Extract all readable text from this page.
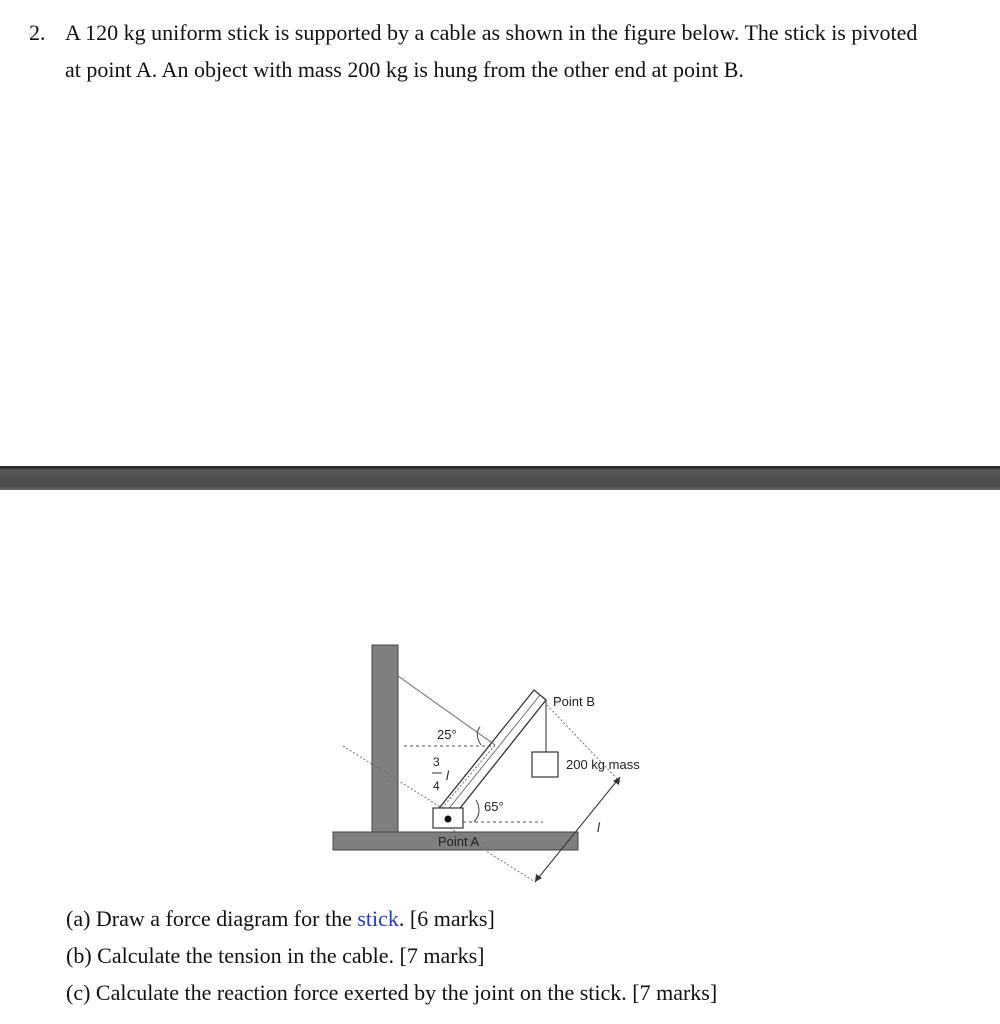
2. A 120 kg uniform stick is supported by a cable as shown in the figure below. The stick is pivoted at point A. An object with mass 200 kg is hung from the other end at point B.
Point B
Point A
200 kg mass
25°
65°
3
4
l
l
(a) Draw a force diagram for the stick. [6 marks]
(b) Calculate the tension in the cable. [7 marks]
(c) Calculate the reaction force exerted by the joint on the stick. [7 marks]
